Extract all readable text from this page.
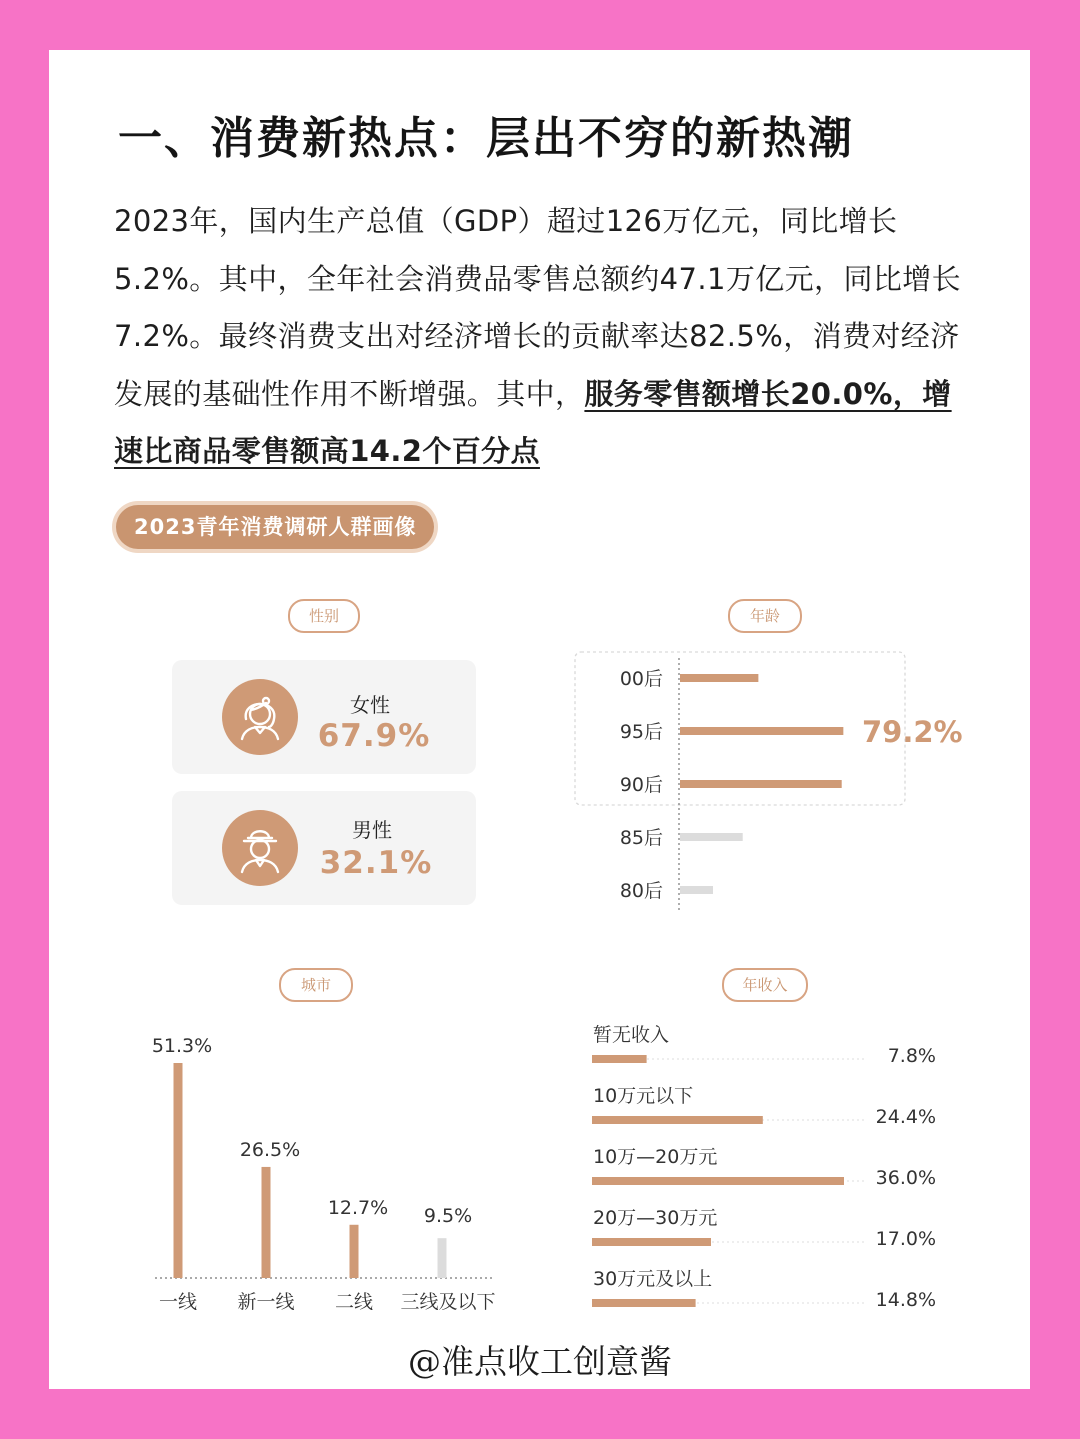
一、消费新热点：层出不穷的新热潮
2023年，国内生产总值（GDP）超过126万亿元，同比增长5.2%。其中，全年社会消费品零售总额约47.1万亿元，同比增长7.2%。最终消费支出对经济增长的贡献率达82.5%，消费对经济发展的基础性作用不断增强。其中，服务零售额增长20.0%，增速比商品零售额高14.2个百分点
2023青年消费调研人群画像
性别
女性
67.9%
男性
32.1%
年龄
00后
95后
90后
85后
80后
79.2%
城市
51.3%
一线
26.5%
新一线
12.7%
二线
9.5%
三线及以下
年收入
暂无收入
7.8%
10万元以下
24.4%
10万—20万元
36.0%
20万—30万元
17.0%
30万元及以上
14.8%
@准点收工创意酱
